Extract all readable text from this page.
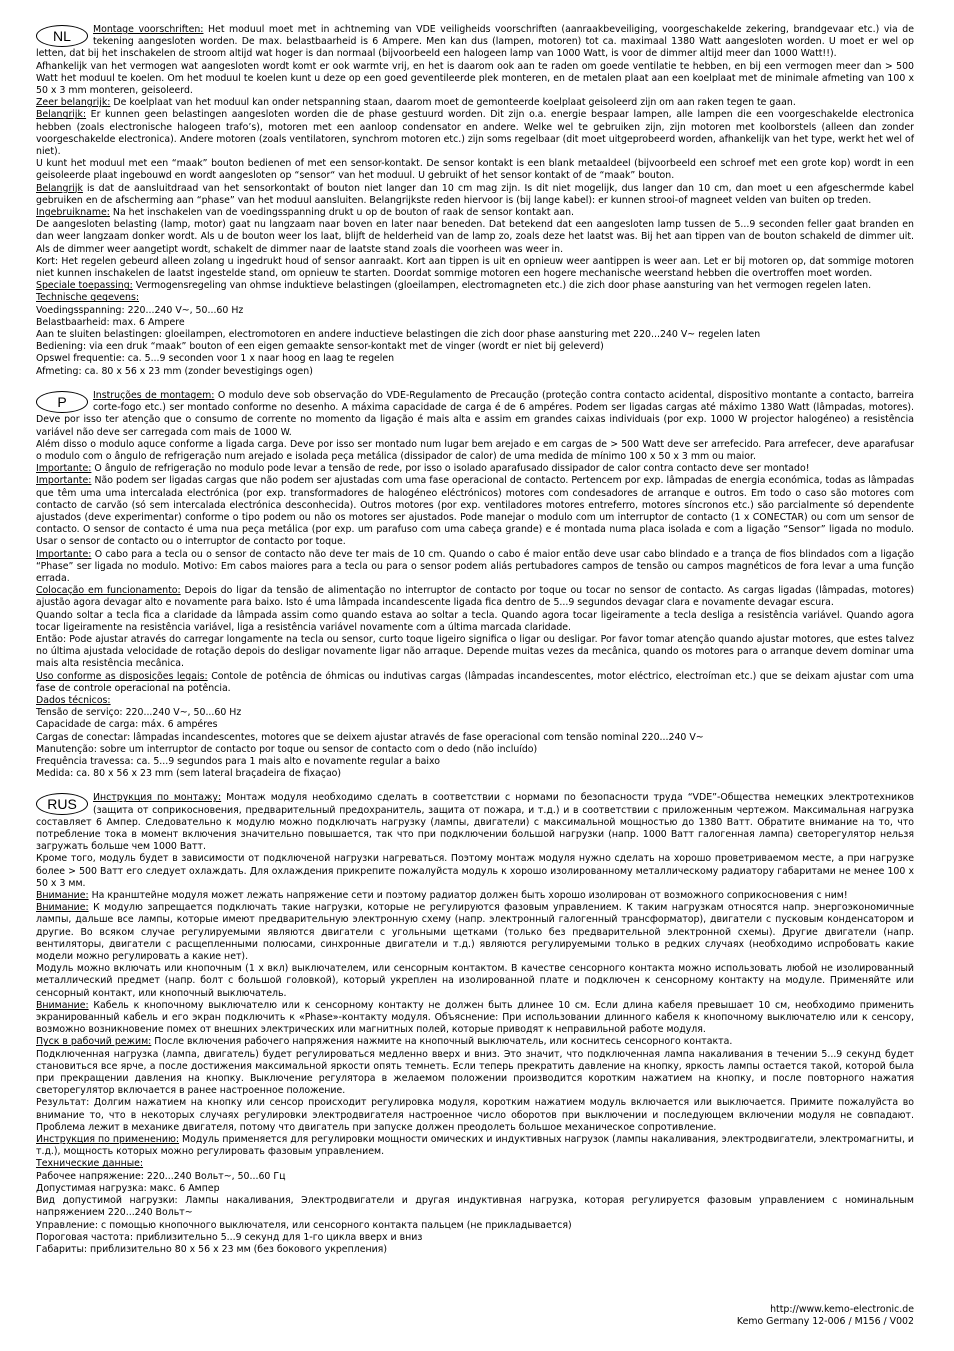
NL	Montage voorschriften: Het moduul moet met in achtneming van VDE veiligheids voorschriften (aanraakbeveiliging, voorgeschakelde zekering, brandgevaar etc.) via de tekening aangesloten worden. De max. belastbaarheid is 6 Ampere. Men kan dus (lampen, motoren) tot ca. maximaal 1380 Watt aangesloten worden. U moet er wel op letten, dat bij het inschakelen de stroom altijd wat hoger is dan normaal (bijvoorbeeld een halogeen lamp van 1000 Watt, is voor de dimmer altijd meer dan 1000 Watt!!).

Afhankelijk van het vermogen wat aangesloten wordt komt er ook warmte vrij, en het is daarom ook aan te raden om goede ventilatie te hebben, en bij een vermogen meer dan > 500 Watt het moduul te koelen. Om het moduul te koelen kunt u deze op een goed geventileerde plek monteren, en de metalen plaat aan een koelplaat met de minimale afmeting van 100 x 50 x 3 mm monteren, geisoleerd.

Zeer belangrijk: De koelplaat van het moduul kan onder netspanning staan, daarom moet de gemonteerde koelplaat geisoleerd zijn om aan raken tegen te gaan.

Belangrijk: Er kunnen geen belastingen aangesloten worden die de phase gestuurd worden. Dit zijn o.a. energie bespaar lampen, alle lampen die een voorgeschakelde electronica hebben (zoals electronische halogeen trafo’s), motoren met een aanloop condensator en andere. Welke wel te gebruiken zijn, zijn motoren met koolborstels (alleen dan zonder voorgeschakelde electronica). Andere motoren (zoals ventilatoren, synchrom motoren etc.) zijn soms regelbaar (dit moet uitgeprobeerd worden, afhankelijk van het type, werkt het wel of niet).

U kunt het moduul met een “maak” bouton bedienen of met een sensor-kontakt. De sensor kontakt is een blank metaaldeel (bijvoorbeeld een schroef met een grote kop) wordt in een geisoleerde plaat ingebouwd en wordt aangesloten op “sensor“ van het moduul. U gebruikt of het sensor kontakt of de “maak” bouton.

Belangrijk is dat de aansluitdraad van het sensorkontakt of bouton niet langer dan 10 cm mag zijn. Is dit niet mogelijk, dus langer dan 10 cm, dan moet u een afgeschermde kabel gebruiken en de afscherming aan “phase” van het moduul aansluiten. Belangrijkste reden hiervoor is (bij lange kabel): er kunnen strooi-of magneet velden van buiten op treden.

Ingebruikname: Na het inschakelen van de voedingsspanning drukt u op de bouton of raak de sensor kontakt aan.

De aangesloten belasting (lamp, motor) gaat nu langzaam naar boven en later naar beneden. Dat betekend dat een aangesloten lamp tussen de 5...9 seconden feller gaat branden en dan weer langzaam donker wordt. Als u de bouton weer los laat, blijft de helderheid van de lamp zo, zoals deze het laatst was. Bij het aan tippen van de bouton schakeld de dimmer uit. Als de dimmer weer aangetipt wordt, schakelt de dimmer naar de laatste stand zoals die voorheen was weer in.

Kort: Het regelen gebeurd alleen zolang u ingedrukt houd of sensor aanraakt. Kort aan tippen is uit en opnieuw weer aantippen is weer aan. Let er bij motoren op, dat sommige motoren niet kunnen inschakelen de laatst ingestelde stand, om opnieuw te starten. Doordat sommige motoren een hogere mechanische weerstand hebben die overtroffen moet worden.

Speciale toepassing: Vermogensregeling van ohmse induktieve belastingen (gloeilampen, electromagneten etc.) die zich door phase aansturing van het vermogen regelen laten.

Technische gegevens:

Voedingsspanning: 220...240 V~, 50...60 Hz

Belastbaarheid: max. 6 Ampere

Aan te sluiten belastingen: gloeilampen, electromotoren en andere inductieve belastingen die zich door phase aansturing met 220...240 V~ regelen laten

Bediening: via een druk “maak” bouton of een eigen gemaakte sensor-kontakt met de vinger (wordt er niet bij geleverd)

Opswel frequentie: ca. 5...9 seconden voor 1 x naar hoog en laag te regelen

Afmeting: ca. 80 x 56 x 23 mm (zonder bevestigings ogen)

P	Instruções de montagem: O modulo deve sob observação do VDE-Regulamento de Precaução (proteção contra contacto acidental, dispositivo montante a contacto, barreira corte-fogo etc.) ser montado conforme no desenho. A máxima capacidade de carga é de 6 ampéres. Podem ser ligadas cargas até máximo 1380 Watt (lâmpadas, motores). Deve por isso ter atenção que o consumo de corrente no momento da ligação é mais alta e assim em grandes caixas individuais (por exp. 1000 W projector halogéneo) a resistência variável não deve ser carregada com mais de 1000 W.

Além disso o modulo aquce conforme a ligada carga. Deve por isso ser montado num lugar bem arejado e em cargas de > 500 Watt deve ser arrefecido. Para arrefecer, deve aparafusar o modulo com o ângulo de refrigeração num arejado e isolada peça metálica (dissipador de calor) de uma medida de mínimo 100 x 50 x 3 mm ou maior.

Importante: O ângulo de refrigeração no modulo pode levar a tensão de rede, por isso o isolado aparafusado dissipador de calor contra contacto deve ser montado!

Importante: Não podem ser ligadas cargas que não podem ser ajustadas com uma fase operacional de contacto. Pertencem por exp. lâmpadas de energia económica, todas as lâmpadas que têm uma uma intercalada electrónica (por exp. transformadores de halogéneo eléctrónicos) motores com condesadores de arranque e outros. Em todo o caso são motores com contacto de carvão (só sem intercalada electrónica desconhecida). Outros motores (por exp. ventiladores motores entreferro, motores síncronos etc.) são parcialmente só dependente ajustados (deve experimentar) conforme o tipo podem ou não os motores ser ajustados. Pode manejar o modulo com um interruptor de contacto (1 x CONECTAR) ou com um sensor de contacto. O sensor de contacto é uma nua peça metálica (por exp. um parafuso com uma cabeça grande) e é montada numa placa isolada e com a ligação “Sensor” ligada no modulo. Usar o sensor de contacto ou o interruptor de contacto por toque.

Importante: O cabo para a tecla ou o sensor de contacto não deve ter mais de 10 cm. Quando o cabo é maior então deve usar cabo blindado e a trança de fios blindados com a ligação “Phase” ser ligada no modulo. Motivo: Em cabos maiores para a tecla ou para o sensor podem aliás pertubadores campos de tensão ou campos magnéticos de fora levar a uma função errada.

Colocação em funcionamento: Depois do ligar da tensão de alimentação no interruptor de contacto por toque ou tocar no sensor de contacto. As cargas ligadas (lâmpadas, motores) ajustão agora devagar alto e novamente para baixo. Isto é uma lâmpada incandescente ligada fica dentro de 5...9 segundos devagar clara e novamente devagar escura.

Quando soltar a tecla fica a claridade da lâmpada assim como quando estava ao soltar a tecla. Quando agora tocar ligeiramente a tecla desliga a resistência variável. Quando agora tocar ligeiramente na resistência variável, liga a resistência variável novamente com a última marcada claridade.

Então: Pode ajustar através do carregar longamente na tecla ou sensor, curto toque ligeiro significa o ligar ou desligar. Por favor tomar atenção quando ajustar motores, que estes talvez no última ajustada velocidade de rotação depois do desligar novamente ligar não arraque. Depende muitas vezes da mecânica, quando os motores para o arranque devem dominar uma mais alta resistência mecânica.

Uso conforme as disposições legais: Contole de potência de óhmicas ou indutivas cargas (lâmpadas incandescentes, motor eléctrico, electroíman etc.) que se deixam ajustar com uma fase de controle operacional na potência.

Dados técnicos:

Tensão de serviço: 220...240 V~, 50...60 Hz

Capacidade de carga: máx. 6 ampéres

Cargas de conectar: lâmpadas incandescentes, motores que se deixem ajustar através de fase operacional com tensão nominal 220...240 V~

Manutenção: sobre um interruptor de contacto por toque ou sensor de contacto com o dedo (não incluído)

Frequência travessa: ca. 5...9 segundos para 1 mais alto e novamente regular a baixo

Medida: ca. 80 x 56 x 23 mm (sem lateral braçadeira de fixaçao)

RUS	Инструкция по монтажу: Монтаж модуля необходимо сделать в соответствии с нормами по безопасности труда “VDE”-Общества немецких электротехников (защита от соприкосновения, предварительный предохранитель, защита от пожара, и т.д.) и в соответствии с приложенным чертежом. Максимальная нагрузка составляет 6 Ампер. Следовательно к модулю можно подключать нагрузку (лампы, двигатели) с максимальной мощностью до 1380 Ватт. Обратите внимание на то, что потребление тока в момент включения значительно повышается, так что при подключении большой нагрузки (напр. 1000 Ватт галогенная лампа) светорегулятор нельзя загружать больше чем 1000 Ватт.

Кроме того, модуль будет в зависимости от подключеной нагрузки нагреваться. Поэтому монтаж модуля нужно сделать на хорошо проветриваемом месте, а при нагрузке более > 500 Ватт его следует охлаждать. Для охлаждения прикрепите пожалуйста модуль к хорошо изолированному металлическому радиатору габаритами не менее 100 x 50 x 3 мм.

Внимание: На кранштейне модуля может лежать напряжение сети и поэтому радиатор должен быть хорошо изолирован от возможного соприкосновения с ним!

Внимание: К модулю запрещается подключать такие нагрузки, которые не регулируются фазовым управлением. К таким нагрузкам относятся напр. энергоэкономичные лампы, дальше все лампы, которые имеют предварительную электронную схему (напр. электронный галогенный трансформатор), двигатели с пусковым конденсатором и другие. Во всяком случае регулируемыми являются двигатели с угольными щетками (только без предварительной электронной схемы). Другие двигатели (напр. вентиляторы, двигатели с расщепленными полюсами, синхронные двигатели и т.д.) являются регулируемыми только в редких случаях (необходимо испробовать какие модели можно регулировать а какие нет).

Модуль можно включать или кнопочным (1 x вкл) выключателем, или сенсорным контактом. В качестве сенсорного контакта можно использовать любой не изолированный металлический предмет (напр. болт с большой головкой), который укреплен на изолированной плате и подключен к сенсорному контакту на модуле. Применяйте или сенсорный контакт, или кнопочный выключатель.

Внимание: Кабель к кнопочному выключателю или к сенсорному контакту не должен быть длинее 10 см. Если длина кабеля превышает 10 см, необходимо применить экранированный кабель и его экран подключить к «Phase»-контакту модуля. Объяснение: При использовании длинного кабеля к кнопочному выключателю или к сенсору, возможно возникновение помех от внешних электрических или магнитных полей, которые приводят к неправильной работе модуля.

Пуск в рабочий режим: После включения рабочего напряжения нажмите на кнопочный выключатель, или коснитесь сенсорного контакта.

Подключенная нагрузка (лампа, двигатель) будет регулироваться медленно вверх и вниз. Это значит, что подключенная лампа накаливания в течении 5...9 секунд будет становиться все ярче, а после достижения максимальной яркости опять темнеть. Если теперь прекратить давление на кнопку, яркость лампы остается такой, которой была при прекращении давления на кнопку. Выключение регулятора в желаемом положении производится коротким нажатием на кнопку, и после повторного нажатия светорегулятор включается в ранее настроенное положение.

Результат: Долгим нажатием на кнопку или сенсор происходит регулировка модуля, коротким нажатием модуль включается или выключается. Примите пожалуйста во внимание то, что в некоторых случаях регулировки электродвигателя настроенное число оборотов при выключении и последующем включении модуля не совпадают. Проблема лежит в механике двигателя, потому что двигатель при запуске должен преодолеть большое механическое сопротивление.

Инструкция по применению: Модуль применяется для регулировки мощности омических и индуктивных нагрузок (лампы накаливания, электродвигатели, электромагниты, и т.д.), мощность которых можно регулировать фазовым управлением.

Технические данные:

Рабочее напряжение: 220...240 Вольт~, 50...60 Гц

Допустимая нагрузка: макс. 6 Ампер

Вид допустимой нагрузки: Лампы накаливания, Электродвигатели и другая индуктивная нагрузка, которая регулируется фазовым управлением с номинальным напряжением 220...240 Вольт~

Управление: с помощью кнопочного выключателя, или сенсорного контакта пальцем (не прикладывается)

Пороговая частота: приблизительно 5...9 секунд для 1-го цикла вверх и вниз

Габариты: приблизительно 80 x 56 x 23 мм (без бокового укрепления)

http://www.kemo-electronic.de
Kemo Germany 12-006 / M156 / V002
